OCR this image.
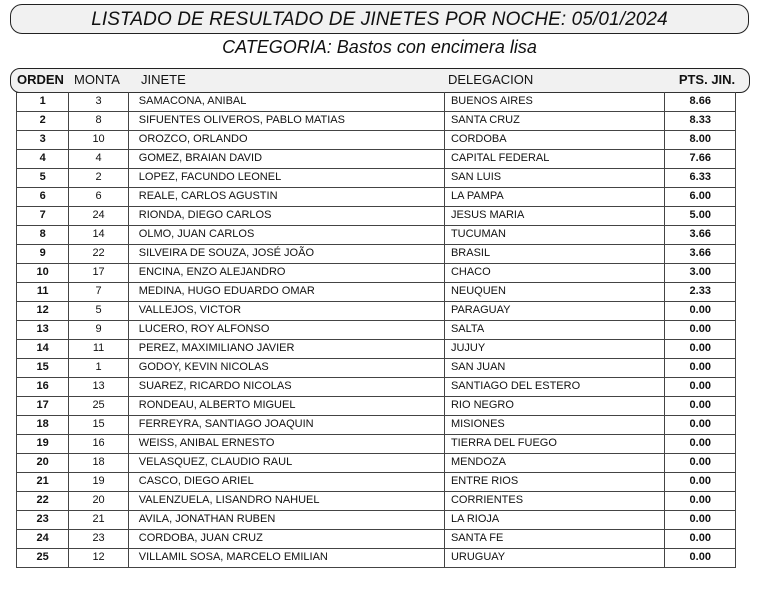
LISTADO DE RESULTADO DE JINETES POR NOCHE: 05/01/2024
CATEGORIA: Bastos con encimera lisa
ORDEN MONTA JINETE	DELEGACION	PTS. JIN.
1	3	SAMACONA, ANIBAL	BUENOS AIRES	8.66

2	8	SIFUENTES OLIVEROS, PABLO MATIAS	SANTA CRUZ	8.33

3	10	OROZCO, ORLANDO	CORDOBA	8.00

4	4	GOMEZ, BRAIAN DAVID	CAPITAL FEDERAL	7.66

5	2	LOPEZ, FACUNDO LEONEL	SAN LUIS	6.33

6	6	REALE, CARLOS AGUSTIN	LA PAMPA	6.00

7	24	RIONDA, DIEGO CARLOS	JESUS MARIA	5.00

8	14	OLMO, JUAN CARLOS	TUCUMAN	3.66

9	22	SILVEIRA DE SOUZA, JOSÉ JOÃO	BRASIL	3.66

10	17	ENCINA, ENZO ALEJANDRO	CHACO	3.00

11	7	MEDINA, HUGO EDUARDO OMAR	NEUQUEN	2.33

12	5	VALLEJOS, VICTOR	PARAGUAY	0.00

13	9	LUCERO, ROY ALFONSO	SALTA	0.00

14	11	PEREZ, MAXIMILIANO JAVIER	JUJUY	0.00

15	1	GODOY, KEVIN NICOLAS	SAN JUAN	0.00

16	13	SUAREZ, RICARDO NICOLAS	SANTIAGO DEL ESTERO	0.00

17	25	RONDEAU, ALBERTO MIGUEL	RIO NEGRO	0.00

18	15	FERREYRA, SANTIAGO JOAQUIN	MISIONES	0.00

19	16	WEISS, ANIBAL ERNESTO	TIERRA DEL FUEGO	0.00

20	18	VELASQUEZ, CLAUDIO RAUL	MENDOZA	0.00

21	19	CASCO, DIEGO ARIEL	ENTRE RIOS	0.00

22	20	VALENZUELA, LISANDRO NAHUEL	CORRIENTES	0.00

23	21	AVILA, JONATHAN RUBEN	LA RIOJA	0.00

24	23	CORDOBA, JUAN CRUZ	SANTA FE	0.00

25	12	VILLAMIL SOSA, MARCELO EMILIAN	URUGUAY	0.00
